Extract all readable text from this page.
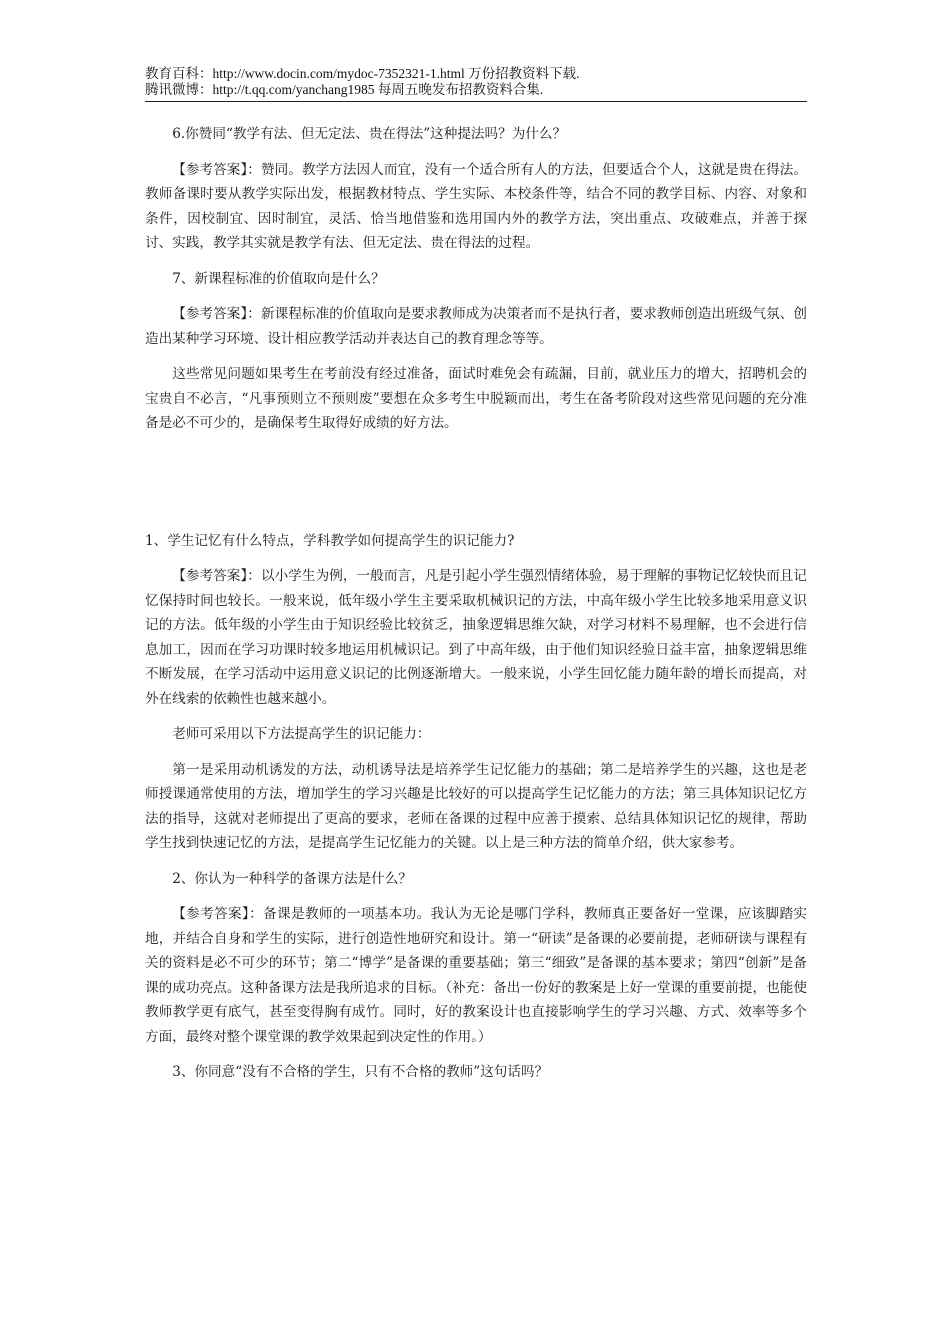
教育百科：http://www.docin.com/mydoc-7352321-1.html 万份招教资料下载.
腾讯微博：http://t.qq.com/yanchang1985 每周五晚发布招教资料合集.

6.你赞同“教学有法、但无定法、贵在得法”这种提法吗？为什么？

【参考答案】：赞同。教学方法因人而宜，没有一个适合所有人的方法，但要适合个人，这就是贵在得法。教师备课时要从教学实际出发，根据教材特点、学生实际、本校条件等，结合不同的教学目标、内容、对象和条件，因校制宜、因时制宜，灵活、恰当地借鉴和选用国内外的教学方法，突出重点、攻破难点，并善于探讨、实践，教学其实就是教学有法、但无定法、贵在得法的过程。

7、新课程标准的价值取向是什么？

【参考答案】：新课程标准的价值取向是要求教师成为决策者而不是执行者，要求教师创造出班级气氛、创造出某种学习环境、设计相应教学活动并表达自己的教育理念等等。

这些常见问题如果考生在考前没有经过准备，面试时难免会有疏漏，目前，就业压力的增大，招聘机会的宝贵自不必言，“凡事预则立不预则废”要想在众多考生中脱颖而出，考生在备考阶段对这些常见问题的充分准备是必不可少的，是确保考生取得好成绩的好方法。

1、学生记忆有什么特点，学科教学如何提高学生的识记能力?

【参考答案】：以小学生为例，一般而言，凡是引起小学生强烈情绪体验，易于理解的事物记忆较快而且记忆保持时间也较长。一般来说，低年级小学生主要采取机械识记的方法，中高年级小学生比较多地采用意义识记的方法。低年级的小学生由于知识经验比较贫乏，抽象逻辑思维欠缺，对学习材料不易理解，也不会进行信息加工，因而在学习功课时较多地运用机械识记。到了中高年级，由于他们知识经验日益丰富，抽象逻辑思维不断发展，在学习活动中运用意义识记的比例逐渐增大。一般来说，小学生回忆能力随年龄的增长而提高，对外在线索的依赖性也越来越小。

老师可采用以下方法提高学生的识记能力：

第一是采用动机诱发的方法，动机诱导法是培养学生记忆能力的基础；第二是培养学生的兴趣，这也是老师授课通常使用的方法，增加学生的学习兴趣是比较好的可以提高学生记忆能力的方法；第三具体知识记忆方法的指导，这就对老师提出了更高的要求，老师在备课的过程中应善于摸索、总结具体知识记忆的规律，帮助学生找到快速记忆的方法，是提高学生记忆能力的关键。以上是三种方法的简单介绍，供大家参考。

2、你认为一种科学的备课方法是什么？

【参考答案】：备课是教师的一项基本功。我认为无论是哪门学科，教师真正要备好一堂课，应该脚踏实地，并结合自身和学生的实际，进行创造性地研究和设计。第一“研读”是备课的必要前提，老师研读与课程有关的资料是必不可少的环节；第二“博学”是备课的重要基础；第三“细致”是备课的基本要求；第四“创新”是备课的成功亮点。这种备课方法是我所追求的目标。（补充：备出一份好的教案是上好一堂课的重要前提，也能使教师教学更有底气，甚至变得胸有成竹。同时，好的教案设计也直接影响学生的学习兴趣、方式、效率等多个方面，最终对整个课堂课的教学效果起到决定性的作用。）

3、你同意“没有不合格的学生，只有不合格的教师”这句话吗？
